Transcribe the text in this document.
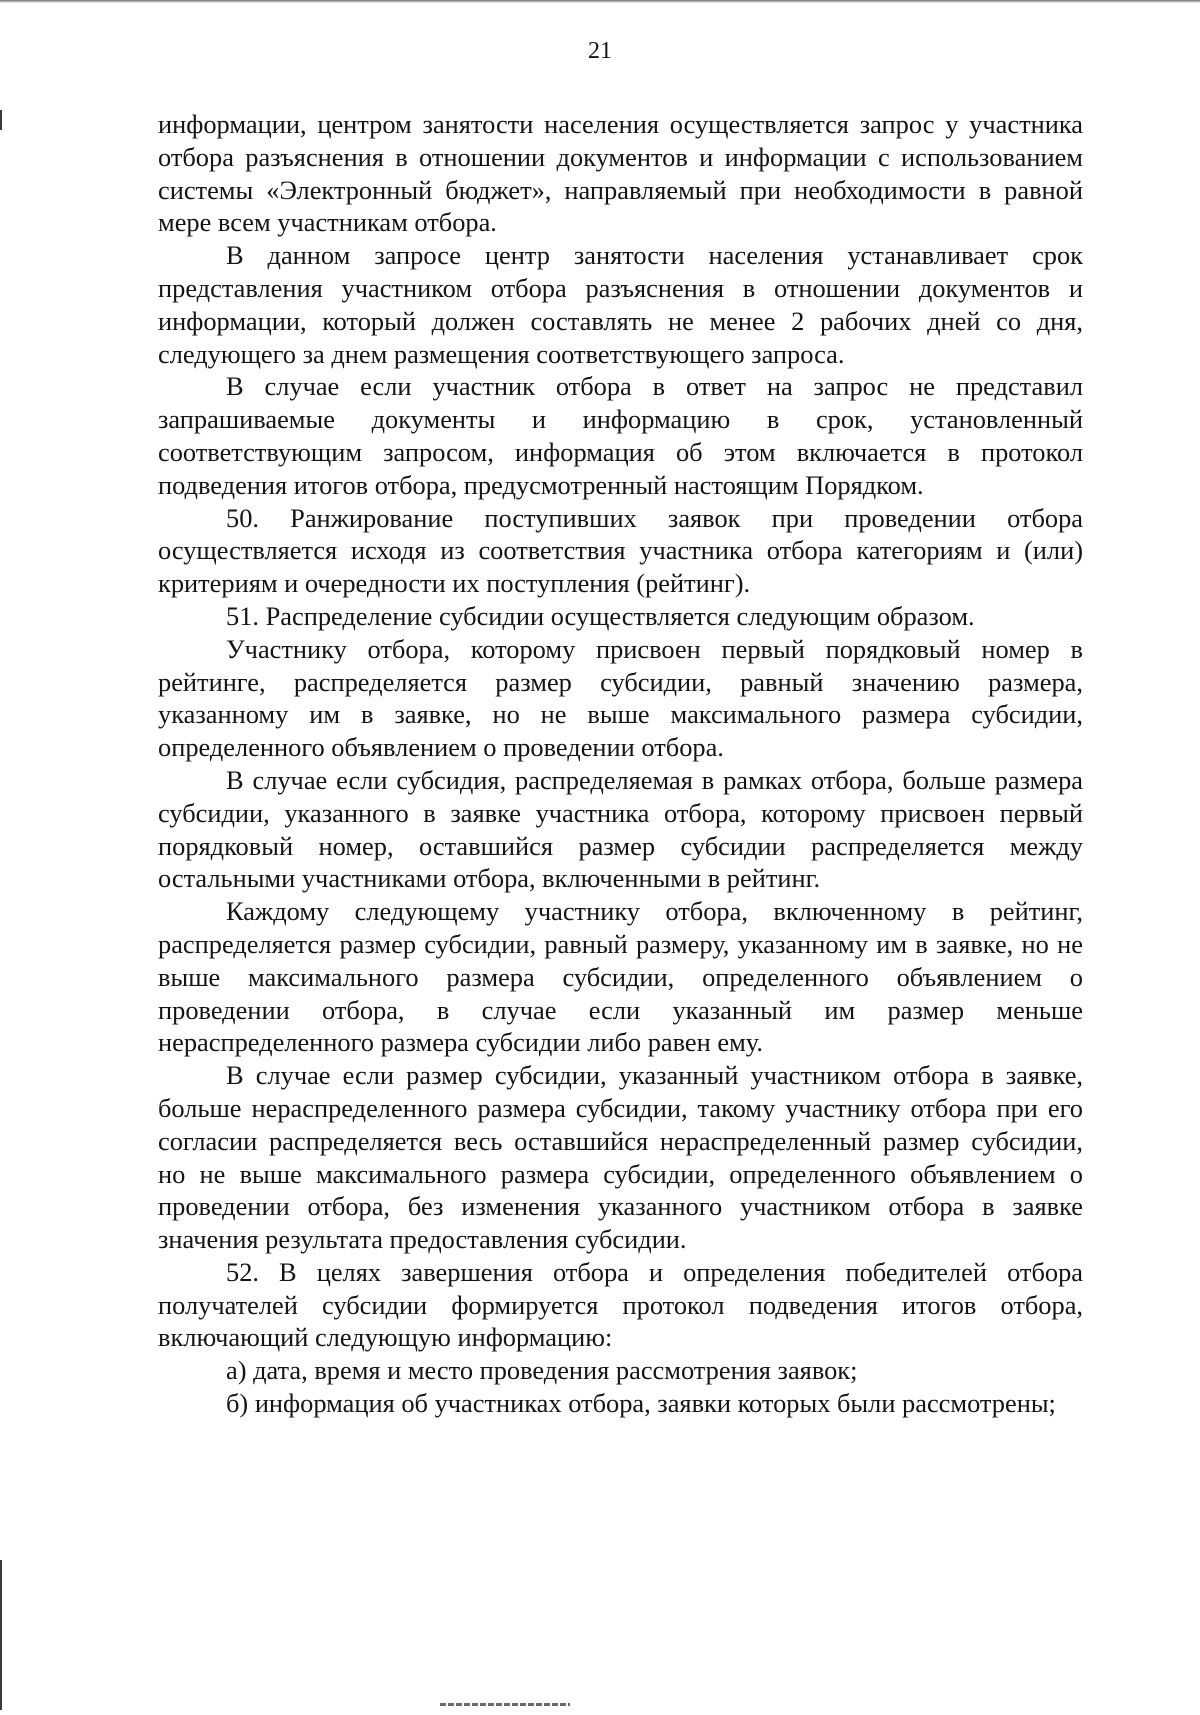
21

информации, центром занятости населения осуществляется запрос у участника отбора разъяснения в отношении документов и информации с использованием системы «Электронный бюджет», направляемый при необходимости в равной мере всем участникам отбора.

В данном запросе центр занятости населения устанавливает срок представления участником отбора разъяснения в отношении документов и информации, который должен составлять не менее 2 рабочих дней со дня, следующего за днем размещения соответствующего запроса.

В случае если участник отбора в ответ на запрос не представил запрашиваемые документы и информацию в срок, установленный соответствующим запросом, информация об этом включается в протокол подведения итогов отбора, предусмотренный настоящим Порядком.

50. Ранжирование поступивших заявок при проведении отбора осуществляется исходя из соответствия участника отбора категориям и (или) критериям и очередности их поступления (рейтинг).

51. Распределение субсидии осуществляется следующим образом.

Участнику отбора, которому присвоен первый порядковый номер в рейтинге, распределяется размер субсидии, равный значению размера, указанному им в заявке, но не выше максимального размера субсидии, определенного объявлением о проведении отбора.

В случае если субсидия, распределяемая в рамках отбора, больше размера субсидии, указанного в заявке участника отбора, которому присвоен первый порядковый номер, оставшийся размер субсидии распределяется между остальными участниками отбора, включенными в рейтинг.

Каждому следующему участнику отбора, включенному в рейтинг, распределяется размер субсидии, равный размеру, указанному им в заявке, но не выше максимального размера субсидии, определенного объявлением о проведении отбора, в случае если указанный им размер меньше нераспределенного размера субсидии либо равен ему.

В случае если размер субсидии, указанный участником отбора в заявке, больше нераспределенного размера субсидии, такому участнику отбора при его согласии распределяется весь оставшийся нераспределенный размер субсидии, но не выше максимального размера субсидии, определенного объявлением о проведении отбора, без изменения указанного участником отбора в заявке значения результата предоставления субсидии.

52. В целях завершения отбора и определения победителей отбора получателей субсидии формируется протокол подведения итогов отбора, включающий следующую информацию:

а) дата, время и место проведения рассмотрения заявок;

б) информация об участниках отбора, заявки которых были рассмотрены;
